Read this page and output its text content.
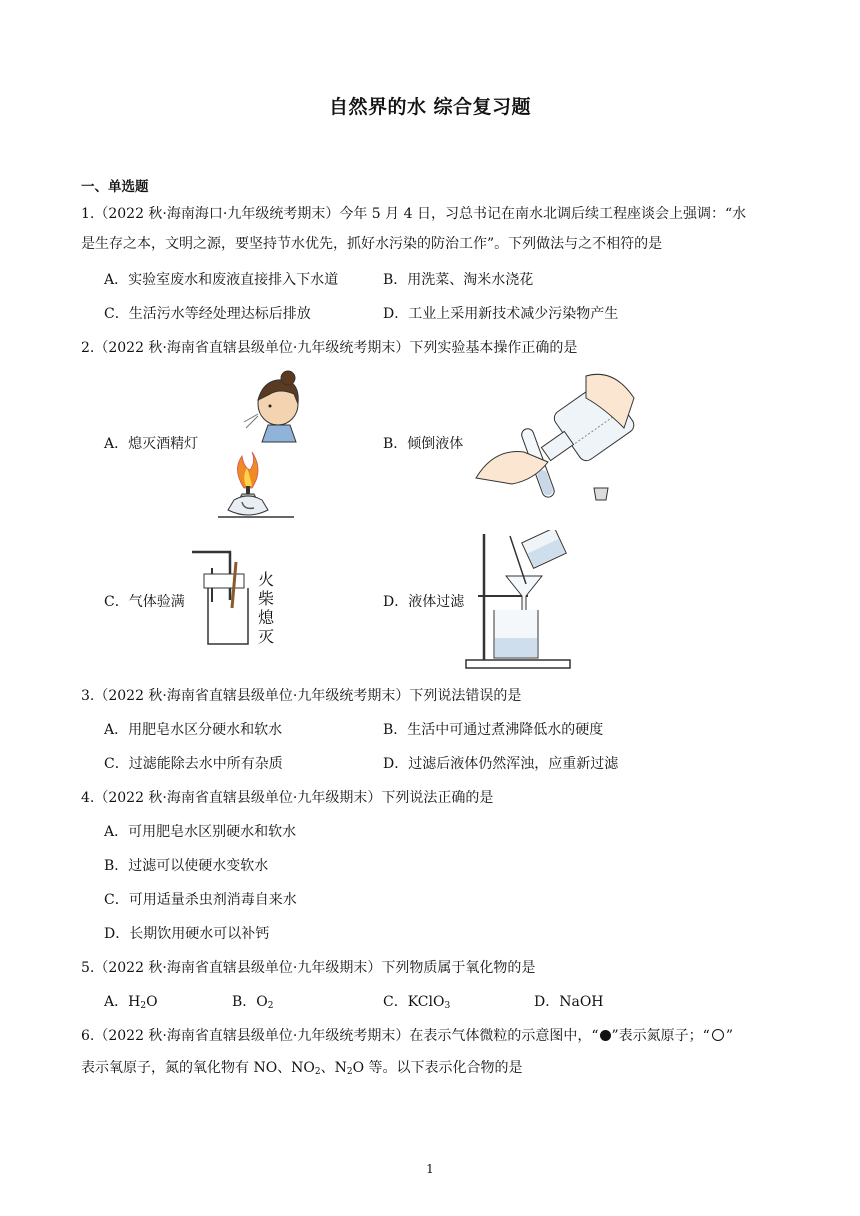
自然界的水 综合复习题
一、单选题
1.（2022 秋·海南海口·九年级统考期末）今年 5 月 4 日，习总书记在南水北调后续工程座谈会上强调：“水
是生存之本，文明之源，要坚持节水优先，抓好水污染的防治工作”。下列做法与之不相符的是
A．实验室废水和废液直接排入下水道	B．用洗菜、淘米水浇花
C．生活污水等经处理达标后排放	D．工业上采用新技术减少污染物产生
2.（2022 秋·海南省直辖县级单位·九年级统考期末）下列实验基本操作正确的是
A．熄灭酒精灯	B．倾倒液体
C．气体验满	D．液体过滤
火
柴
熄
灭
3.（2022 秋·海南省直辖县级单位·九年级统考期末）下列说法错误的是
A．用肥皂水区分硬水和软水	B．生活中可通过煮沸降低水的硬度
C．过滤能除去水中所有杂质	D．过滤后液体仍然浑浊，应重新过滤
4.（2022 秋·海南省直辖县级单位·九年级期末）下列说法正确的是
A．可用肥皂水区别硬水和软水
B．过滤可以使硬水变软水
C．可用适量杀虫剂消毒自来水
D．长期饮用硬水可以补钙
5.（2022 秋·海南省直辖县级单位·九年级期末）下列物质属于氧化物的是
A．$H_2O$	B．$O_2$	C．KClO$_3$	D．NaOH
6.（2022 秋·海南省直辖县级单位·九年级统考期末）在表示气体微粒的示意图中，“ ”表示氮原子；“ ”
表示氧原子，氮的氧化物有 NO、$NO_2$、$N_2O$ 等。以下表示化合物的是
1
